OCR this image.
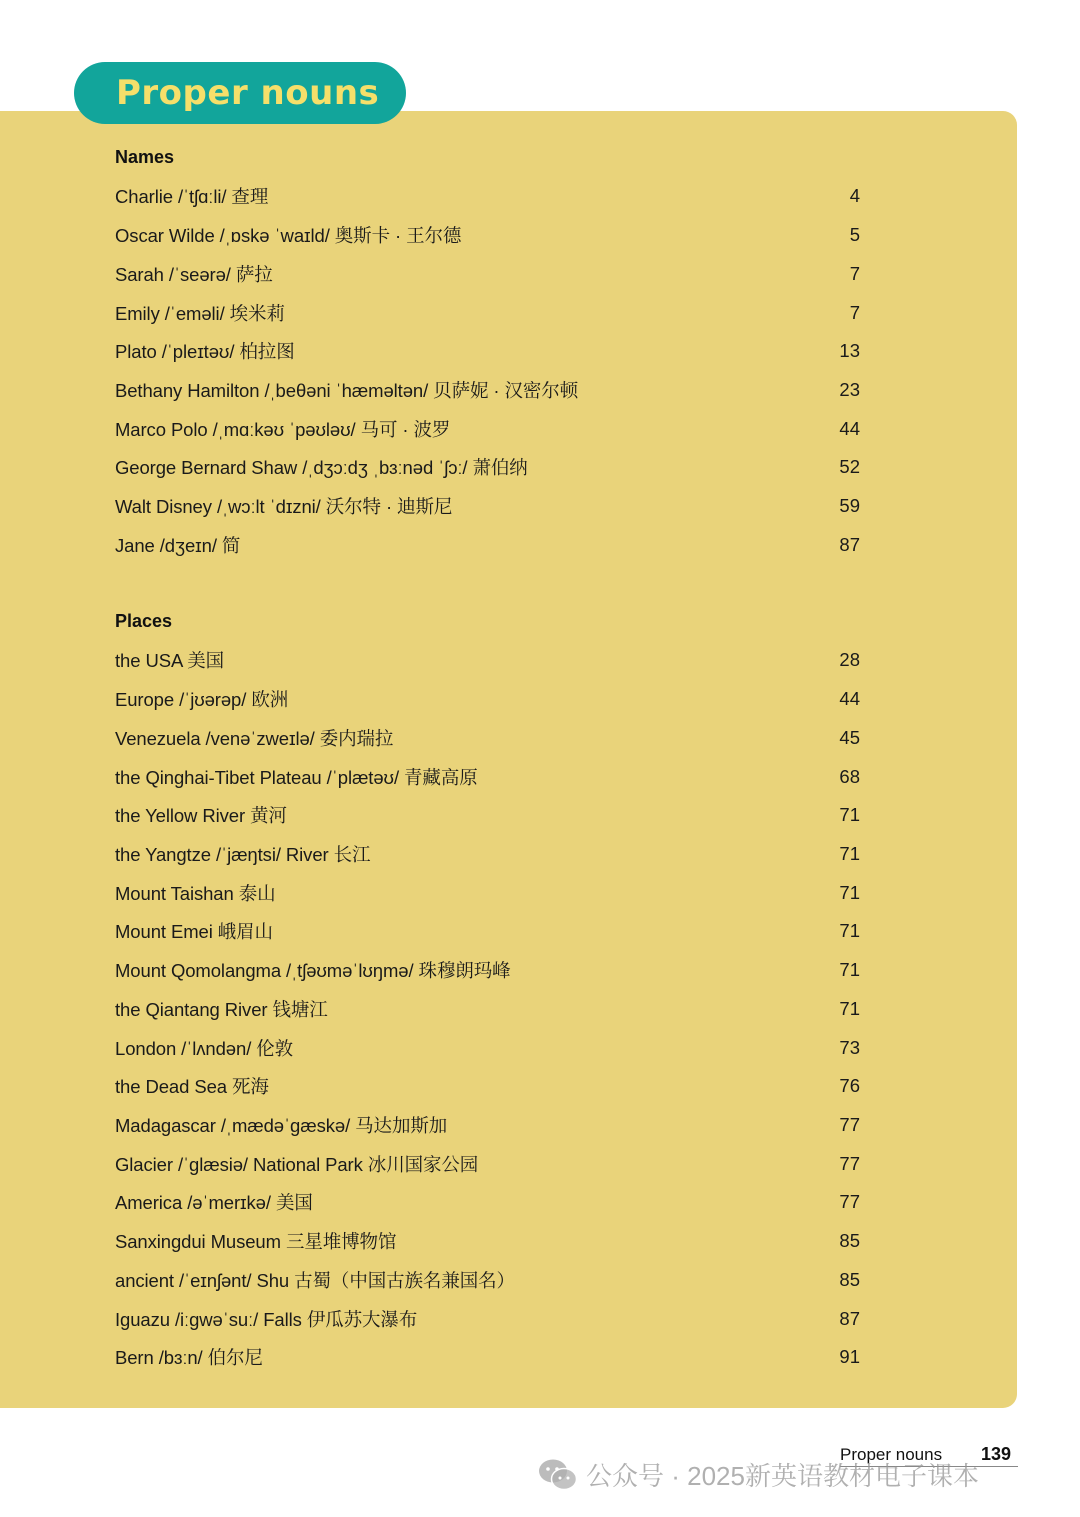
Proper nouns
Names
Charlie /ˈtʃɑːli/ 查理	4
Oscar Wilde /ˌɒskə ˈwaɪld/ 奥斯卡 · 王尔德	5
Sarah /ˈseərə/ 萨拉	7
Emily /ˈeməli/ 埃米莉	7
Plato /ˈpleɪtəʊ/ 柏拉图	13
Bethany Hamilton /ˌbeθəni ˈhæməltən/ 贝萨妮 · 汉密尔顿	23
Marco Polo /ˌmɑːkəʊ ˈpəʊləʊ/ 马可 · 波罗	44
George Bernard Shaw /ˌdʒɔːdʒ ˌbɜːnəd ˈʃɔː/ 萧伯纳	52
Walt Disney /ˌwɔːlt ˈdɪzni/ 沃尔特 · 迪斯尼	59
Jane /dʒeɪn/ 简	87
Places
the USA 美国	28
Europe /ˈjʊərəp/ 欧洲	44
Venezuela /venəˈzweɪlə/ 委内瑞拉	45
the Qinghai-Tibet Plateau /ˈplætəʊ/ 青藏高原	68
the Yellow River 黄河	71
the Yangtze /ˈjæŋtsi/ River 长江	71
Mount Taishan 泰山	71
Mount Emei 峨眉山	71
Mount Qomolangma /ˌtʃəʊməˈlʊŋmə/ 珠穆朗玛峰	71
the Qiantang River 钱塘江	71
London /ˈlʌndən/ 伦敦	73
the Dead Sea 死海	76
Madagascar /ˌmædəˈgæskə/ 马达加斯加	77
Glacier /ˈglæsiə/ National Park 冰川国家公园	77
America /əˈmerɪkə/ 美国	77
Sanxingdui Museum 三星堆博物馆	85
ancient /ˈeɪnʃənt/ Shu 古蜀（中国古族名兼国名）	85
Iguazu /iːgwəˈsuː/ Falls 伊瓜苏大瀑布	87
Bern /bɜːn/ 伯尔尼	91
Proper nouns 139
公众号 · 2025新英语教材电子课本
